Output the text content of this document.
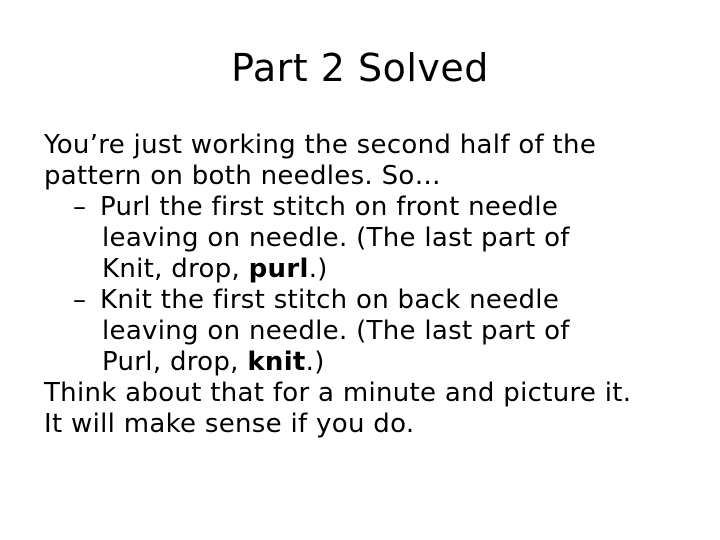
Part 2 Solved
You’re just working the second half of the
pattern on both needles. So…
– Purl the first stitch on front needle
leaving on needle. (The last part of
Knit, drop, purl.)
– Knit the first stitch on back needle
leaving on needle. (The last part of
Purl, drop, knit.)
Think about that for a minute and picture it.
It will make sense if you do.
